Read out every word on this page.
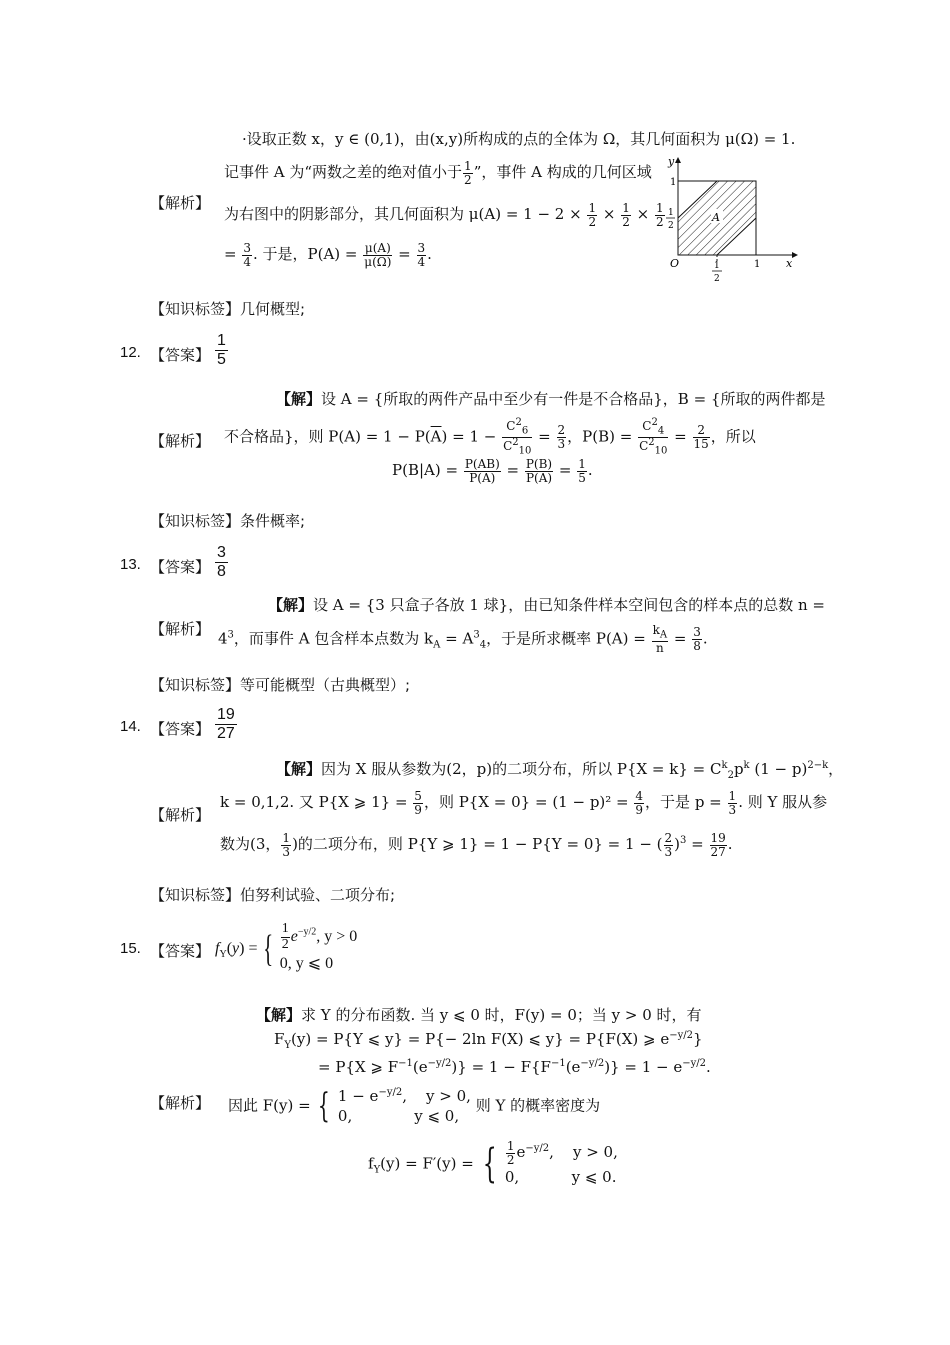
·设取正数 x，y ∈ (0,1)，由(x,y)所构成的点的全体为 Ω，其几何面积为 μ(Ω) = 1.
记事件 A 为“两数之差的绝对值小于 $\frac{1}{2}$ ”，事件 A 构成的几何区域
【解析】
为右图中的阴影部分，其几何面积为 $\mu(A) = 1 - 2 \times \frac{1}{2} \times \frac{1}{2} \times \frac{1}{2}$
= $\frac{3}{4}$ . 于是，$P(A) = \frac{\mu(A)}{\mu(\Omega)} = \frac{3}{4}$ .
A
O	x
y
1
1
1
2
1
2
【知识标签】几何概型;
12. 【答案】
1
5
【解】设 A = {所取的两件产品中至少有一件是不合格品}，B = {所取的两件都是
【解析】 不合格品}，则 $P(A) = 1 - P(\overline{A}) = 1 - \frac{C^2_6}{C^2_{10}} = \frac{2}{3}$ ，$P(B) = \frac{C^2_4}{C^2_{10}} = \frac{2}{15}$ ，所以
$P(B|A) = \frac{P(AB)}{P(A)} = \frac{P(B)}{P(A)} = \frac{1}{5}$ .
【知识标签】条件概率;
13. 【答案】
3
8
【解】设 A = {3 只盒子各放 1 球}，由已知条件样本空间包含的样本点的总数 n =
【解析】
$4^3$，而事件 A 包含样本点数为 $k_A = A^3_4$，于是所求概率 $P(A) = \frac{k_A}{n} = \frac{3}{8}$ .
【知识标签】等可能概型（古典概型）;
14. 【答案】
19
27
【解】因为 X 服从参数为(2，p)的二项分布，所以 $P\{X = k\} = C^k_2p^k$ $(1 - p)^{2-k}$，
【解析】
k = 0,1,2. 又 P{X ⩾ $1\} = \frac{5}{9}$ ，则 $P\{X = 0\} = (1 - p)^2 = \frac{4}{9}$ ，于是 $p = \frac{1}{3}$ . 则 Y 服从参
数为(3， $\frac{1}{3}$ )的二项分布，则 P{Y ⩾ 1} = 1 − P{Y = 0} = 1 − ( $\frac{2}{3} )^3 = \frac{19}{27}$ .
【知识标签】伯努利试验、二项分布;
15. 【答案】 $f_Y(y)$ = { $\frac{1}{2} e^{-y/2}$, y > 0
0, y ⩽ 0
【解】求 Y 的分布函数. 当 y ⩽ 0 时，F(y) = 0；当 y > 0 时，有
$F_Y(y) = P\{Y$ ⩽ y} = P{− 2ln F(X) ⩽ y} = P{F(X) ⩾ $e^{-y/2}$}
= P{X ⩾ $F^{-1}(e^{-y/2})\} = 1 - F\{F^{-1}(e^{-y/2})\} = 1 - e^{-y/2}$.
【解析】 因此 F(y) = { $1 - e^{-y/2}$,    y > 0,
0,             y ⩽ 0,
则 Y 的概率密度为
$f_Y(y) = F'(y)$ = { $\frac{1}{2} e^{-y/2}$,    y > 0,
0,           y ⩽ 0.
